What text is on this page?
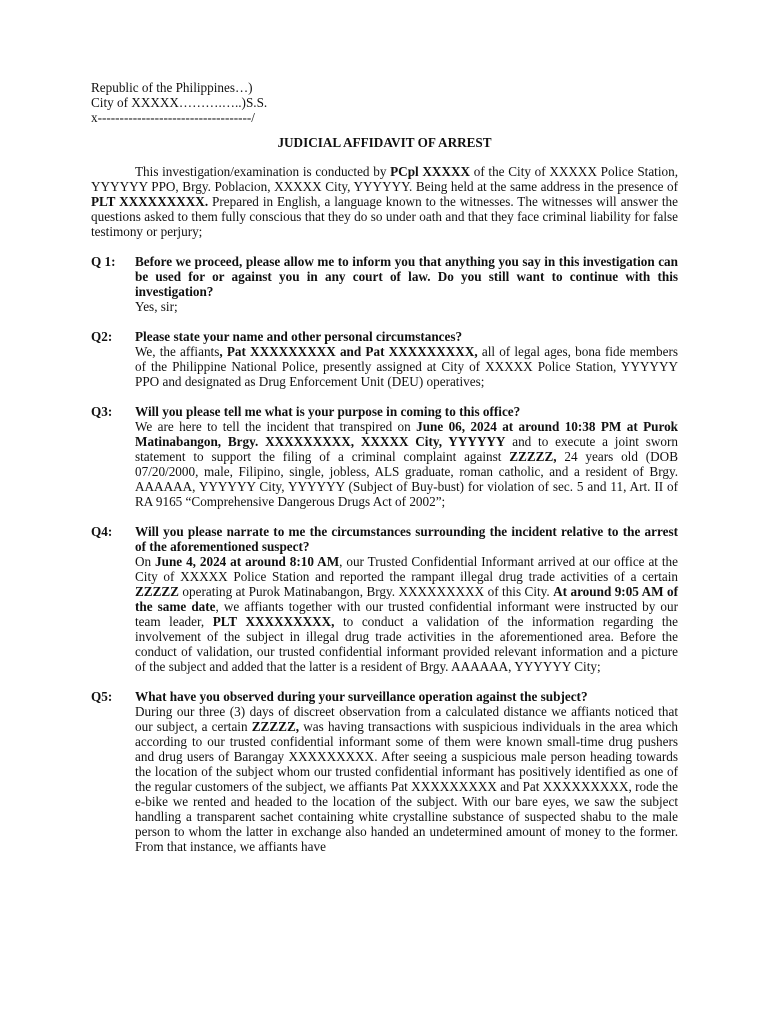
Republic of the Philippines…)
City of XXXXX……….…..)S.S.
x-----------------------------------/
JUDICIAL AFFIDAVIT OF ARREST

This investigation/examination is conducted by PCpl XXXXX of the City of XXXXX Police Station, YYYYYY PPO, Brgy. Poblacion, XXXXX City, YYYYYY. Being held at the same address in the presence of PLT XXXXXXXXX. Prepared in English, a language known to the witnesses. The witnesses will answer the questions asked to them fully conscious that they do so under oath and that they face criminal liability for false testimony or perjury;

Q 1:	Before we proceed, please allow me to inform you that anything you say in this investigation can be used for or against you in any court of law. Do you still want to continue with this investigation?

Yes, sir;

Q2:	Please state your name and other personal circumstances?

We, the affiants, Pat XXXXXXXXX and Pat XXXXXXXXX, all of legal ages, bona fide members of the Philippine National Police, presently assigned at City of XXXXX Police Station, YYYYYY PPO and designated as Drug Enforcement Unit (DEU) operatives;

Q3:	Will you please tell me what is your purpose in coming to this office?

We are here to tell the incident that transpired on June 06, 2024 at around 10:38 PM at Purok Matinabangon, Brgy. XXXXXXXXX, XXXXX City, YYYYYY and to execute a joint sworn statement to support the filing of a criminal complaint against ZZZZZ, 24 years old (DOB 07/20/2000, male, Filipino, single, jobless, ALS graduate, roman catholic, and a resident of Brgy. AAAAAA, YYYYYY City, YYYYYY (Subject of Buy-bust) for violation of sec. 5 and 11, Art. II of RA 9165 “Comprehensive Dangerous Drugs Act of 2002”;

Q4:	Will you please narrate to me the circumstances surrounding the incident relative to the arrest of the aforementioned suspect?

On June 4, 2024 at around 8:10 AM, our Trusted Confidential Informant arrived at our office at the City of XXXXX Police Station and reported the rampant illegal drug trade activities of a certain ZZZZZ operating at Purok Matinabangon, Brgy. XXXXXXXXX of this City. At around 9:05 AM of the same date, we affiants together with our trusted confidential informant were instructed by our team leader, PLT XXXXXXXXX, to conduct a validation of the information regarding the involvement of the subject in illegal drug trade activities in the aforementioned area. Before the conduct of validation, our trusted confidential informant provided relevant information and a picture of the subject and added that the latter is a resident of Brgy. AAAAAA, YYYYYY City;

Q5:	What have you observed during your surveillance operation against the subject?

During our three (3) days of discreet observation from a calculated distance we affiants noticed that our subject, a certain ZZZZZ, was having transactions with suspicious individuals in the area which according to our trusted confidential informant some of them were known small-time drug pushers and drug users of Barangay XXXXXXXXX. After seeing a suspicious male person heading towards the location of the subject whom our trusted confidential informant has positively identified as one of the regular customers of the subject, we affiants Pat XXXXXXXXX and Pat XXXXXXXXX, rode the e-bike we rented and headed to the location of the subject. With our bare eyes, we saw the subject handling a transparent sachet containing white crystalline substance of suspected shabu to the male person to whom the latter in exchange also handed an undetermined amount of money to the former. From that instance, we affiants have
